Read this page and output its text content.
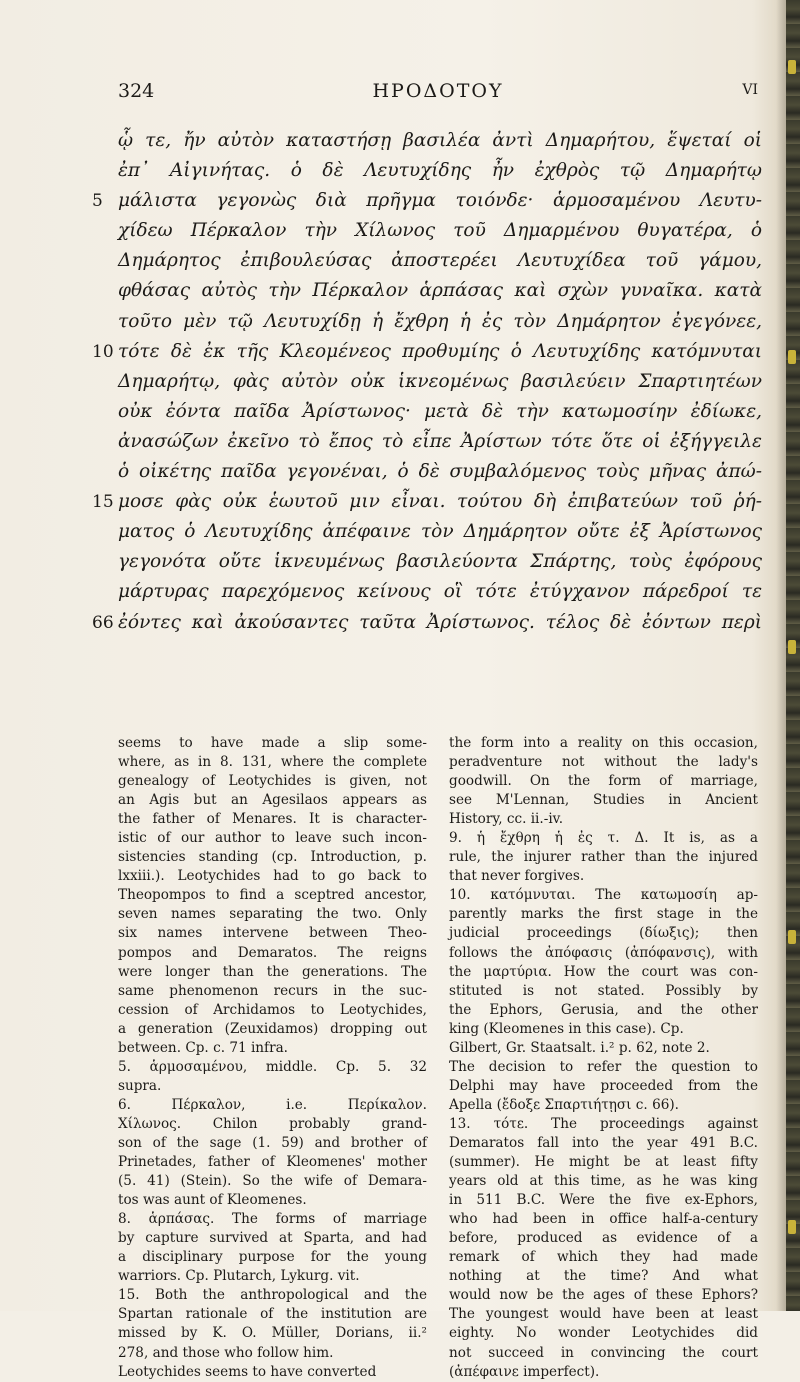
324	HPOΔOTOY	VI
ᾧ τε, ἤν αὐτὸν καταστήσῃ βασιλέα ἀντὶ Δημαρήτου, ἕψεταί οἱ
ἐπ᾽ Αἰγινήτας. ὁ δὲ Λευτυχίδης ἦν ἐχθρὸς τῷ Δημαρήτῳ
5 μάλιστα γεγονὼς διὰ πρῆγμα τοιόνδε· ἁρμοσαμένου Λευτυ-
χίδεω Πέρκαλον τὴν Χίλωνος τοῦ Δημαρμένου θυγατέρα, ὁ
Δημάρητος ἐπιβουλεύσας ἀποστερέει Λευτυχίδεα τοῦ γάμου,
φθάσας αὐτὸς τὴν Πέρκαλον ἁρπάσας καὶ σχὼν γυναῖκα. κατὰ
τοῦτο μὲν τῷ Λευτυχίδῃ ἡ ἔχθρη ἡ ἐς τὸν Δημάρητον ἐγεγόνεε,
10 τότε δὲ ἐκ τῆς Κλεομένεος προθυμίης ὁ Λευτυχίδης κατόμνυται
Δημαρήτῳ, φὰς αὐτὸν οὐκ ἱκνεομένως βασιλεύειν Σπαρτιητέων
οὐκ ἐόντα παῖδα Ἀρίστωνος· μετὰ δὲ τὴν κατωμοσίην ἐδίωκε,
ἀνασώζων ἐκεῖνο τὸ ἔπος τὸ εἶπε Ἀρίστων τότε ὅτε οἱ ἐξήγγειλε
ὁ οἰκέτης παῖδα γεγονέναι, ὁ δὲ συμβαλόμενος τοὺς μῆνας ἀπώ-
15 μοσε φὰς οὐκ ἑωυτοῦ μιν εἶναι. τούτου δὴ ἐπιβατεύων τοῦ ῥή-
ματος ὁ Λευτυχίδης ἀπέφαινε τὸν Δημάρητον οὔτε ἐξ Ἀρίστωνος
γεγονότα οὔτε ἱκνευμένως βασιλεύοντα Σπάρτης, τοὺς ἐφόρους
μάρτυρας παρεχόμενος κείνους οἳ τότε ἐτύγχανον πάρεδροί τε
66 ἐόντες καὶ ἀκούσαντες ταῦτα Ἀρίστωνος. τέλος δὲ ἐόντων περὶ
seems to have made a slip some-
where, as in 8. 131, where the complete
genealogy of Leotychides is given, not
an Agis but an Agesilaos appears as
the father of Menares. It is character-
istic of our author to leave such incon-
sistencies standing (cp. Introduction, p.
lxxiii.). Leotychides had to go back to
Theopompos to find a sceptred ancestor,
seven names separating the two. Only
six names intervene between Theo-
pompos and Demaratos. The reigns
were longer than the generations. The
same phenomenon recurs in the suc-
cession of Archidamos to Leotychides,
a generation (Zeuxidamos) dropping out
between. Cp. c. 71 infra.
5. ἁρμοσαμένου, middle. Cp. 5. 32
supra.
6. Πέρκαλον, i.e. Περίκαλον.
Χίλωνος. Chilon probably grand-
son of the sage (1. 59) and brother of
Prinetades, father of Kleomenes' mother
(5. 41) (Stein). So the wife of Demara-
tos was aunt of Kleomenes.
8. ἁρπάσας. The forms of marriage
by capture survived at Sparta, and had
a disciplinary purpose for the young
warriors. Cp. Plutarch, Lykurg. vit.
15. Both the anthropological and the
Spartan rationale of the institution are
missed by K. O. Müller, Dorians, ii.²
278, and those who follow him.
Leotychides seems to have converted
the form into a reality on this occasion,
peradventure not without the lady's
goodwill. On the form of marriage,
see M'Lennan, Studies in Ancient
History, cc. ii.-iv.
9. ἡ ἔχθρη ἡ ἐς τ. Δ. It is, as a
rule, the injurer rather than the injured
that never forgives.
10. κατόμνυται. The κατωμοσίη ap-
parently marks the first stage in the
judicial proceedings (δίωξις); then
follows the ἀπόφασις (ἀπόφανσις), with
the μαρτύρια. How the court was con-
stituted is not stated. Possibly by
the Ephors, Gerusia, and the other
king (Kleomenes in this case). Cp.
Gilbert, Gr. Staatsalt. i.² p. 62, note 2.
The decision to refer the question to
Delphi may have proceeded from the
Apella (ἔδοξε Σπαρτιήτῃσι c. 66).
13. τότε. The proceedings against
Demaratos fall into the year 491 B.C.
(summer). He might be at least fifty
years old at this time, as he was king
in 511 B.C. Were the five ex-Ephors,
who had been in office half-a-century
before, produced as evidence of a
remark of which they had made
nothing at the time? And what
would now be the ages of these Ephors?
The youngest would have been at least
eighty. No wonder Leotychides did
not succeed in convincing the court
(ἀπέφαινε imperfect).
